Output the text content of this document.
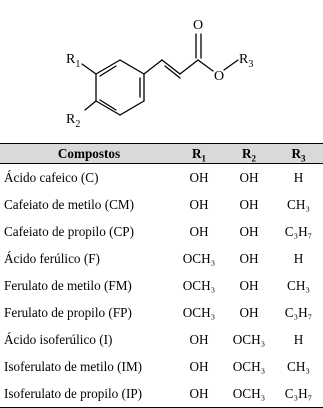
O
O
$R_1$
$R_2$
$R_3$
Compostos	$R_1$	$R_2$	$R_3$
Ácido cafeico (C)	OH	OH	H
Cafeiato de metilo (CM)	OH	OH	CH₃
Cafeiato de propilo (CP)	OH	OH	C₃H₇
Ácido ferúlico (F)	OCH₃	OH	H
Ferulato de metilo (FM)	OCH₃	OH	CH₃
Ferulato de propilo (FP)	OCH₃	OH	C₃H₇
Ácido isoferúlico (I)	OH	OCH₃	H
Isoferulato de metilo (IM)	OH	OCH₃	CH₃
Isoferulato de propilo (IP)	OH	OCH₃	C₃H₇
